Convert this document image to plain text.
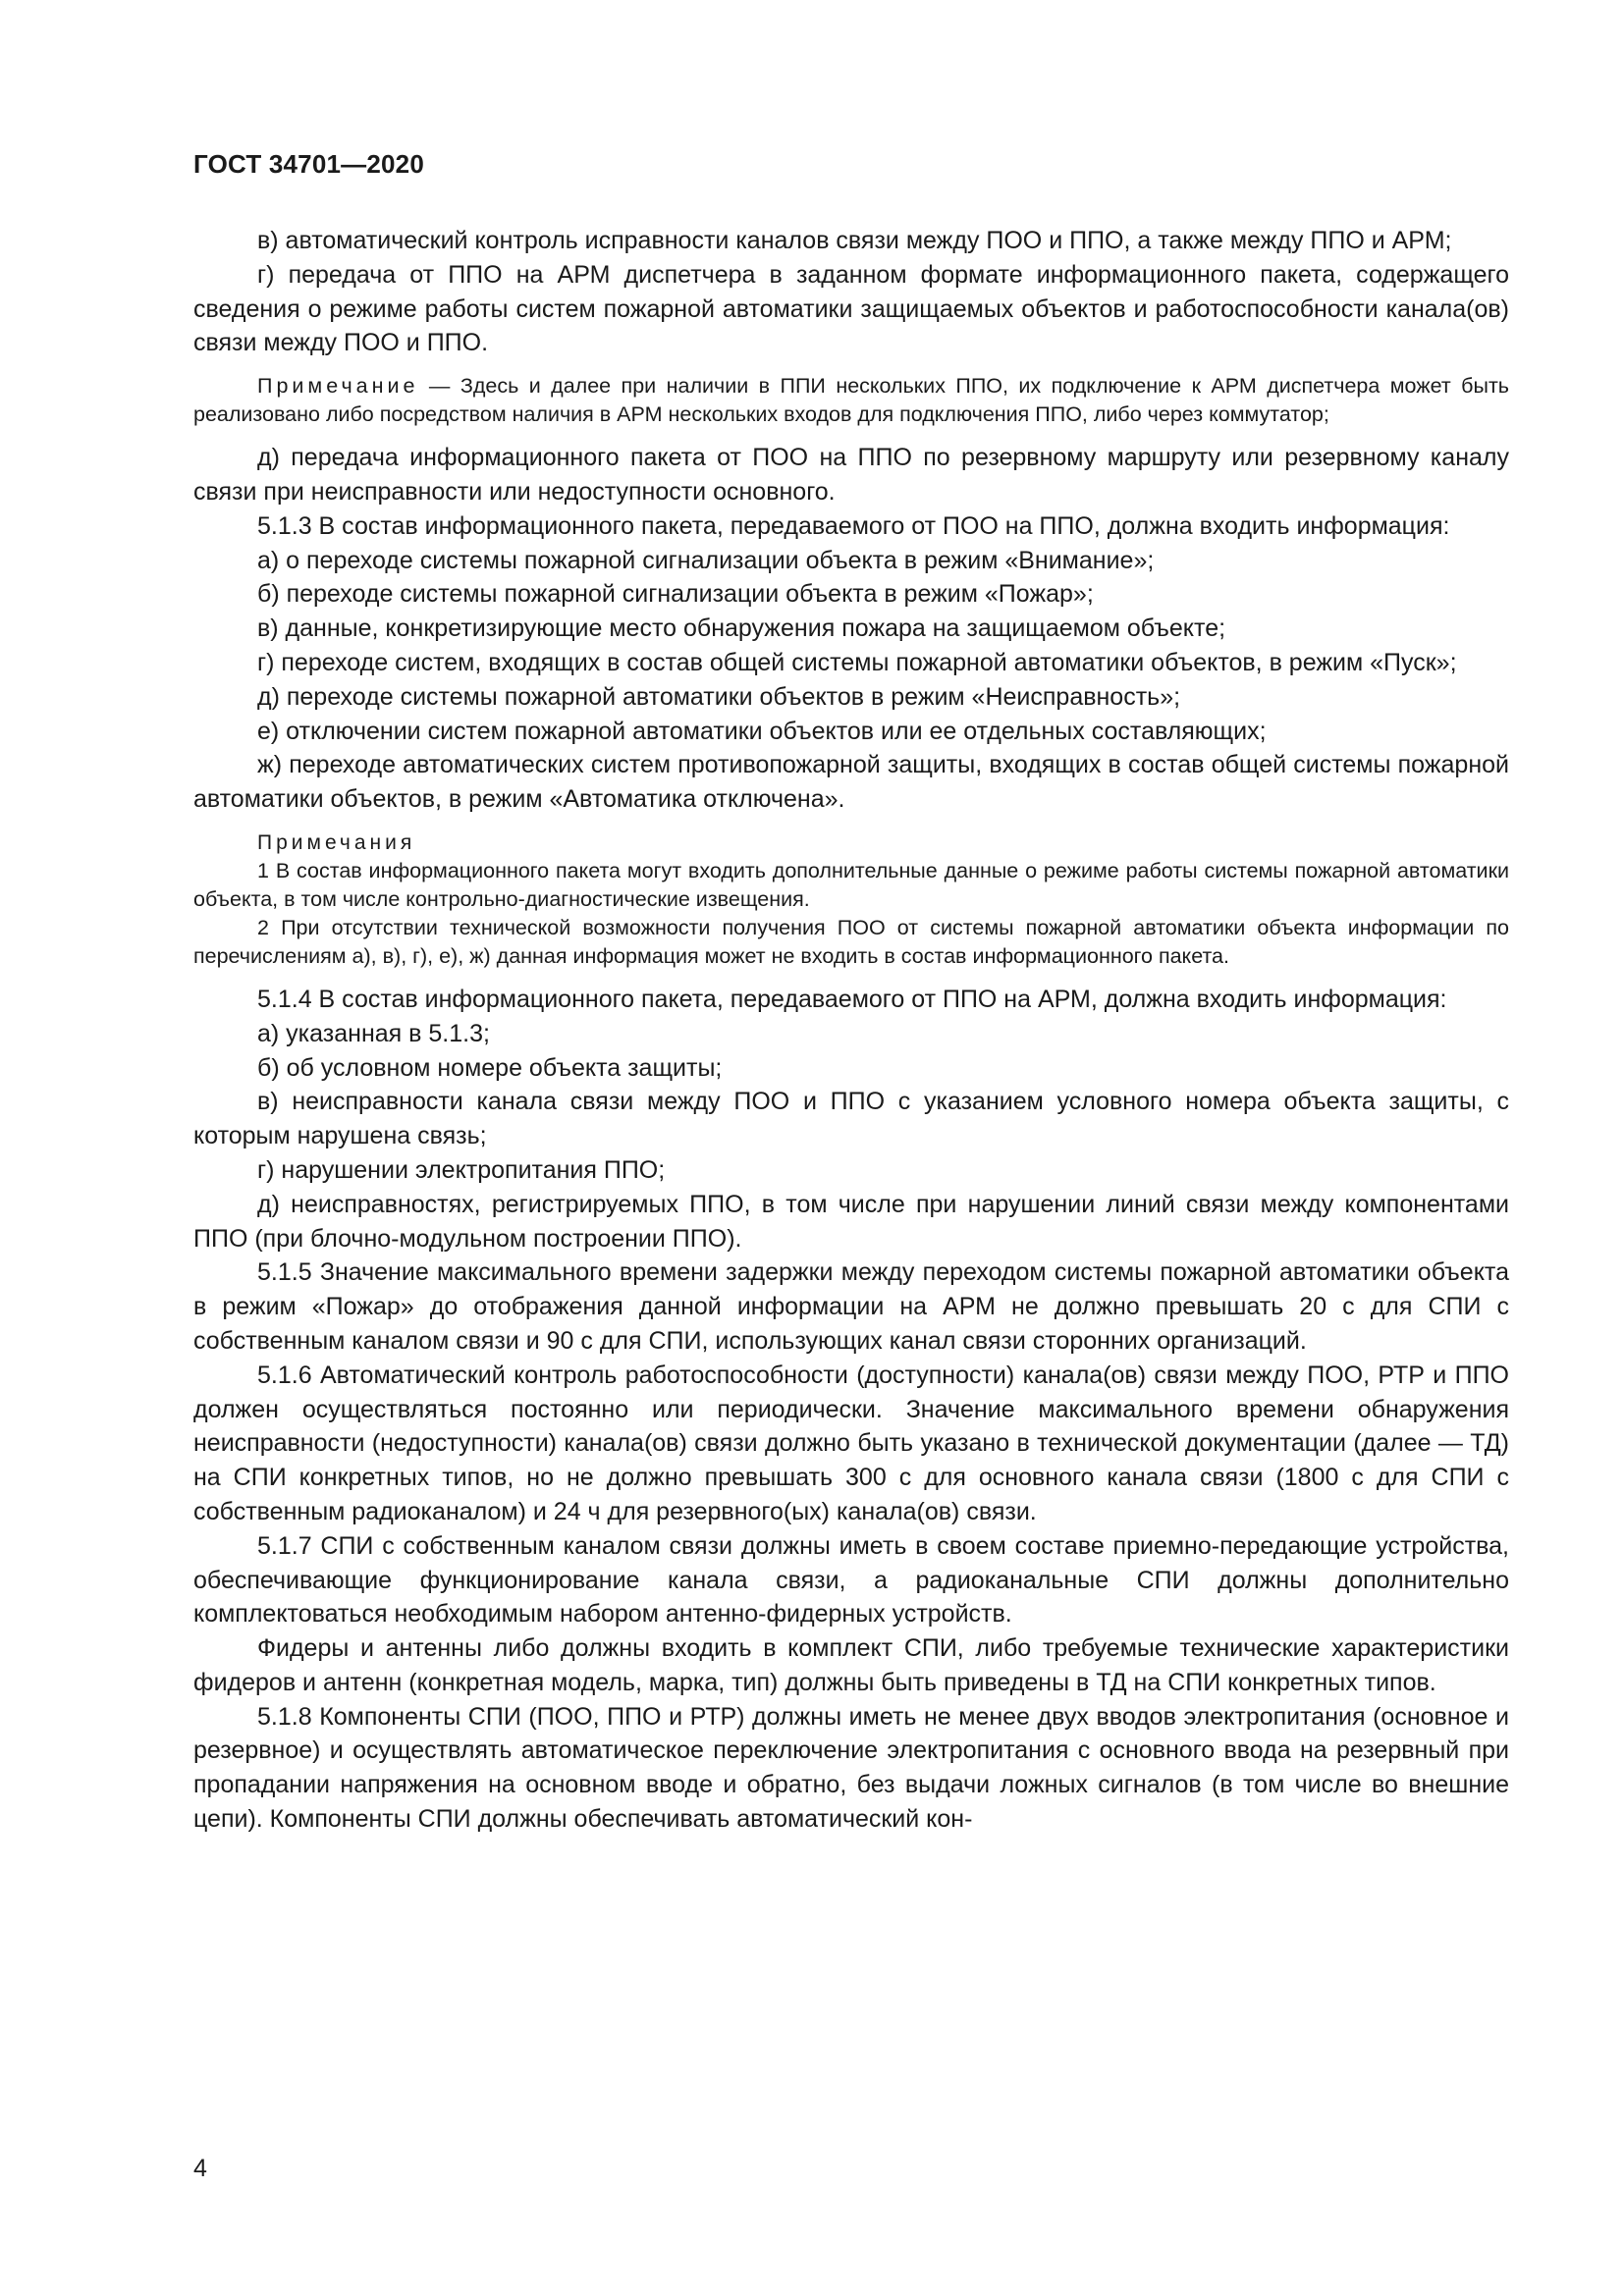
ГОСТ 34701—2020

в) автоматический контроль исправности каналов связи между ПОО и ППО, а также между ППО и АРМ;

г) передача от ППО на АРМ диспетчера в заданном формате информационного пакета, содержащего сведения о режиме работы систем пожарной автоматики защищаемых объектов и работоспособности канала(ов) связи между ПОО и ППО.

Примечание — Здесь и далее при наличии в ППИ нескольких ППО, их подключение к АРМ диспетчера может быть реализовано либо посредством наличия в АРМ нескольких входов для подключения ППО, либо через коммутатор;

д) передача информационного пакета от ПОО на ППО по резервному маршруту или резервному каналу связи при неисправности или недоступности основного.

5.1.3 В состав информационного пакета, передаваемого от ПОО на ППО, должна входить информация:

а) о переходе системы пожарной сигнализации объекта в режим «Внимание»;

б) переходе системы пожарной сигнализации объекта в режим «Пожар»;

в) данные, конкретизирующие место обнаружения пожара на защищаемом объекте;

г) переходе систем, входящих в состав общей системы пожарной автоматики объектов, в режим «Пуск»;

д) переходе системы пожарной автоматики объектов в режим «Неисправность»;

е) отключении систем пожарной автоматики объектов или ее отдельных составляющих;

ж) переходе автоматических систем противопожарной защиты, входящих в состав общей системы пожарной автоматики объектов, в режим «Автоматика отключена».

Примечания

1 В состав информационного пакета могут входить дополнительные данные о режиме работы системы пожарной автоматики объекта, в том числе контрольно-диагностические извещения.

2 При отсутствии технической возможности получения ПОО от системы пожарной автоматики объекта информации по перечислениям а), в), г), е), ж) данная информация может не входить в состав информационного пакета.

5.1.4 В состав информационного пакета, передаваемого от ППО на АРМ, должна входить информация:

а) указанная в 5.1.3;

б) об условном номере объекта защиты;

в) неисправности канала связи между ПОО и ППО с указанием условного номера объекта защиты, с которым нарушена связь;

г) нарушении электропитания ППО;

д) неисправностях, регистрируемых ППО, в том числе при нарушении линий связи между компонентами ППО (при блочно-модульном построении ППО).

5.1.5 Значение максимального времени задержки между переходом системы пожарной автоматики объекта в режим «Пожар» до отображения данной информации на АРМ не должно превышать 20 с для СПИ с собственным каналом связи и 90 с для СПИ, использующих канал связи сторонних организаций.

5.1.6 Автоматический контроль работоспособности (доступности) канала(ов) связи между ПОО, РТР и ППО должен осуществляться постоянно или периодически. Значение максимального времени обнаружения неисправности (недоступности) канала(ов) связи должно быть указано в технической документации (далее — ТД) на СПИ конкретных типов, но не должно превышать 300 с для основного канала связи (1800 с для СПИ с собственным радиоканалом) и 24 ч для резервного(ых) канала(ов) связи.

5.1.7 СПИ с собственным каналом связи должны иметь в своем составе приемно-передающие устройства, обеспечивающие функционирование канала связи, а радиоканальные СПИ должны дополнительно комплектоваться необходимым набором антенно-фидерных устройств.

Фидеры и антенны либо должны входить в комплект СПИ, либо требуемые технические характеристики фидеров и антенн (конкретная модель, марка, тип) должны быть приведены в ТД на СПИ конкретных типов.

5.1.8 Компоненты СПИ (ПОО, ППО и РТР) должны иметь не менее двух вводов электропитания (основное и резервное) и осуществлять автоматическое переключение электропитания с основного ввода на резервный при пропадании напряжения на основном вводе и обратно, без выдачи ложных сигналов (в том числе во внешние цепи). Компоненты СПИ должны обеспечивать автоматический кон-

4
